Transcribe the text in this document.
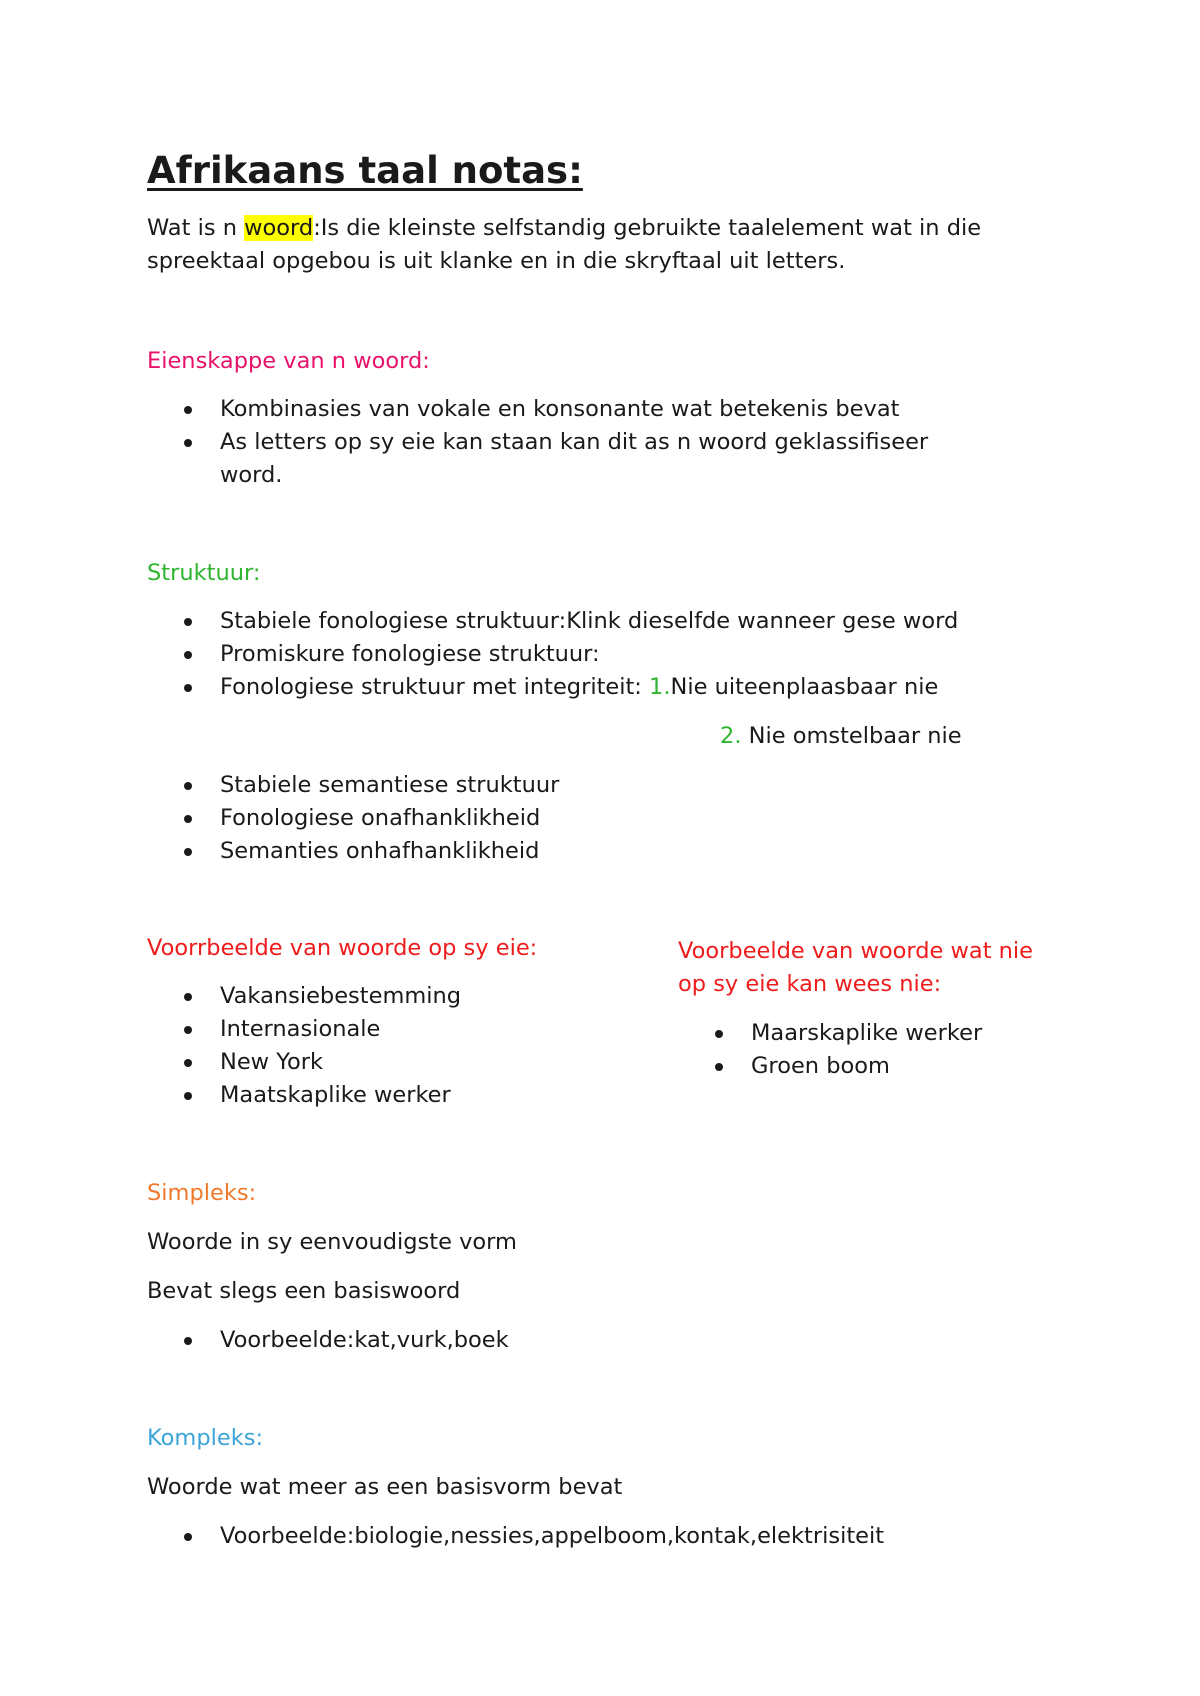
Afrikaans taal notas:
Wat is n woord:Is die kleinste selfstandig gebruikte taalelement wat in die
spreektaal opgebou is uit klanke en in die skryftaal uit letters.
Eienskappe van n woord:
Kombinasies van vokale en konsonante wat betekenis bevat
As letters op sy eie kan staan kan dit as n woord geklassifiseer
word.
Struktuur:
Stabiele fonologiese struktuur:Klink dieselfde wanneer gese word
Promiskure fonologiese struktuur:
Fonologiese struktuur met integriteit: 1.Nie uiteenplaasbaar nie
2. Nie omstelbaar nie
Stabiele semantiese struktuur
Fonologiese onafhanklikheid
Semanties onhafhanklikheid
Voorrbeelde van woorde op sy eie:
Vakansiebestemming
Internasionale
New York
Maatskaplike werker
Voorbeelde van woorde wat nie
op sy eie kan wees nie:
Maarskaplike werker
Groen boom
Simpleks:
Woorde in sy eenvoudigste vorm
Bevat slegs een basiswoord
Voorbeelde:kat,vurk,boek
Kompleks:
Woorde wat meer as een basisvorm bevat
Voorbeelde:biologie,nessies,appelboom,kontak,elektrisiteit
